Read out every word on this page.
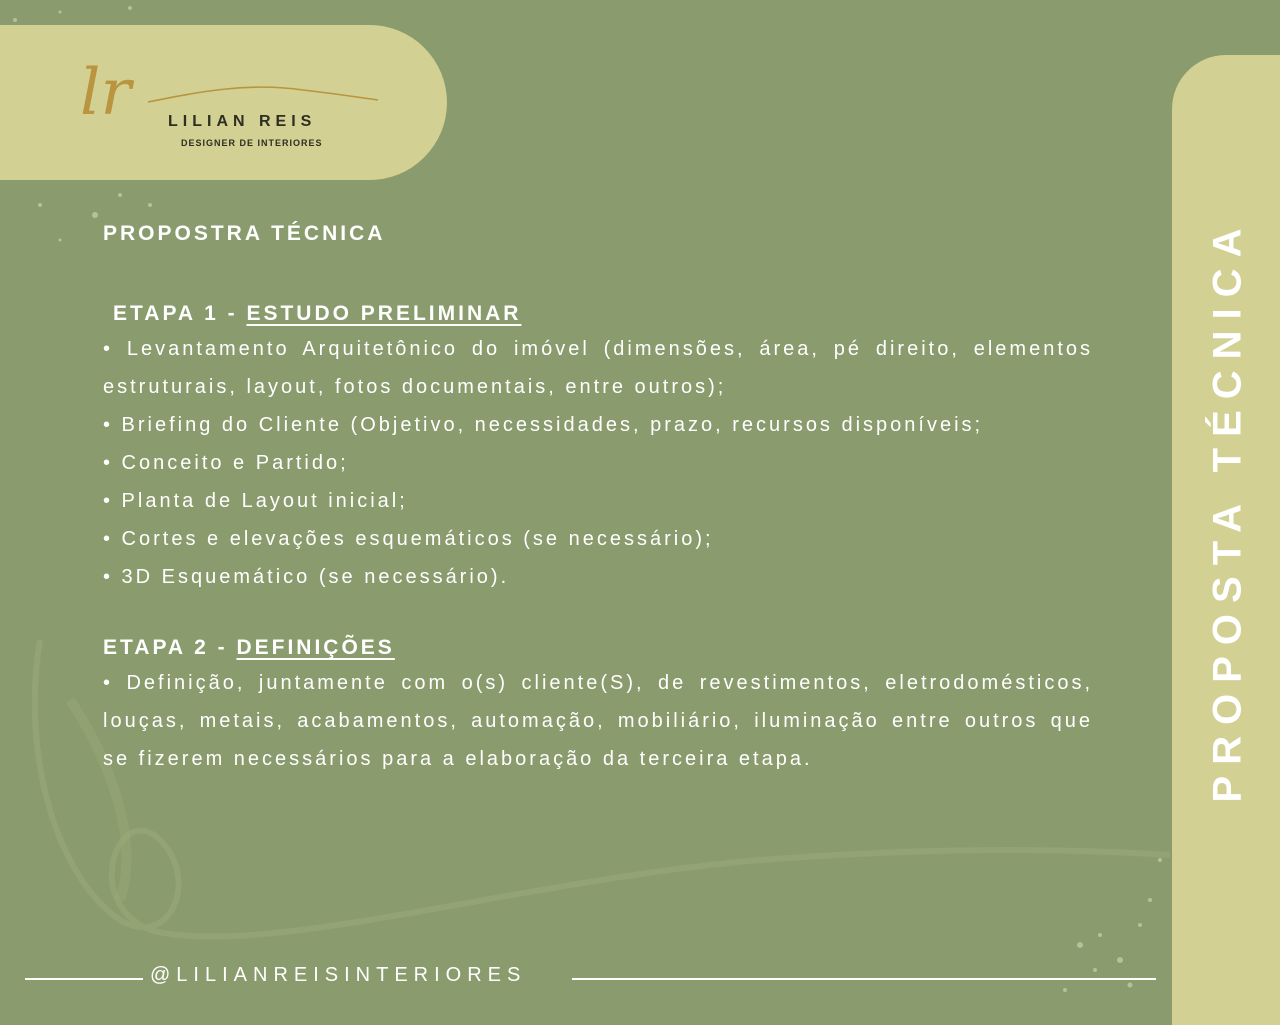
lr LILIAN REIS
DESIGNER DE INTERIORES
PROPOSTA TÉCNICA

PROPOSTRA TÉCNICA

ETAPA 1 - ESTUDO PRELIMINAR

• Levantamento Arquitetônico do imóvel (dimensões, área, pé direito, elementos estruturais, layout, fotos documentais, entre outros);

• Briefing do Cliente (Objetivo, necessidades, prazo, recursos disponíveis;

• Conceito e Partido;

• Planta de Layout inicial;

• Cortes e elevações esquemáticos (se necessário);

• 3D Esquemático (se necessário).

ETAPA 2 - DEFINIÇÕES

• Definição, juntamente com o(s) cliente(S), de revestimentos, eletrodomésticos, louças, metais, acabamentos, automação, mobiliário, iluminação entre outros que se fizerem necessários para a elaboração da terceira etapa.

@LILIANREISINTERIORES
